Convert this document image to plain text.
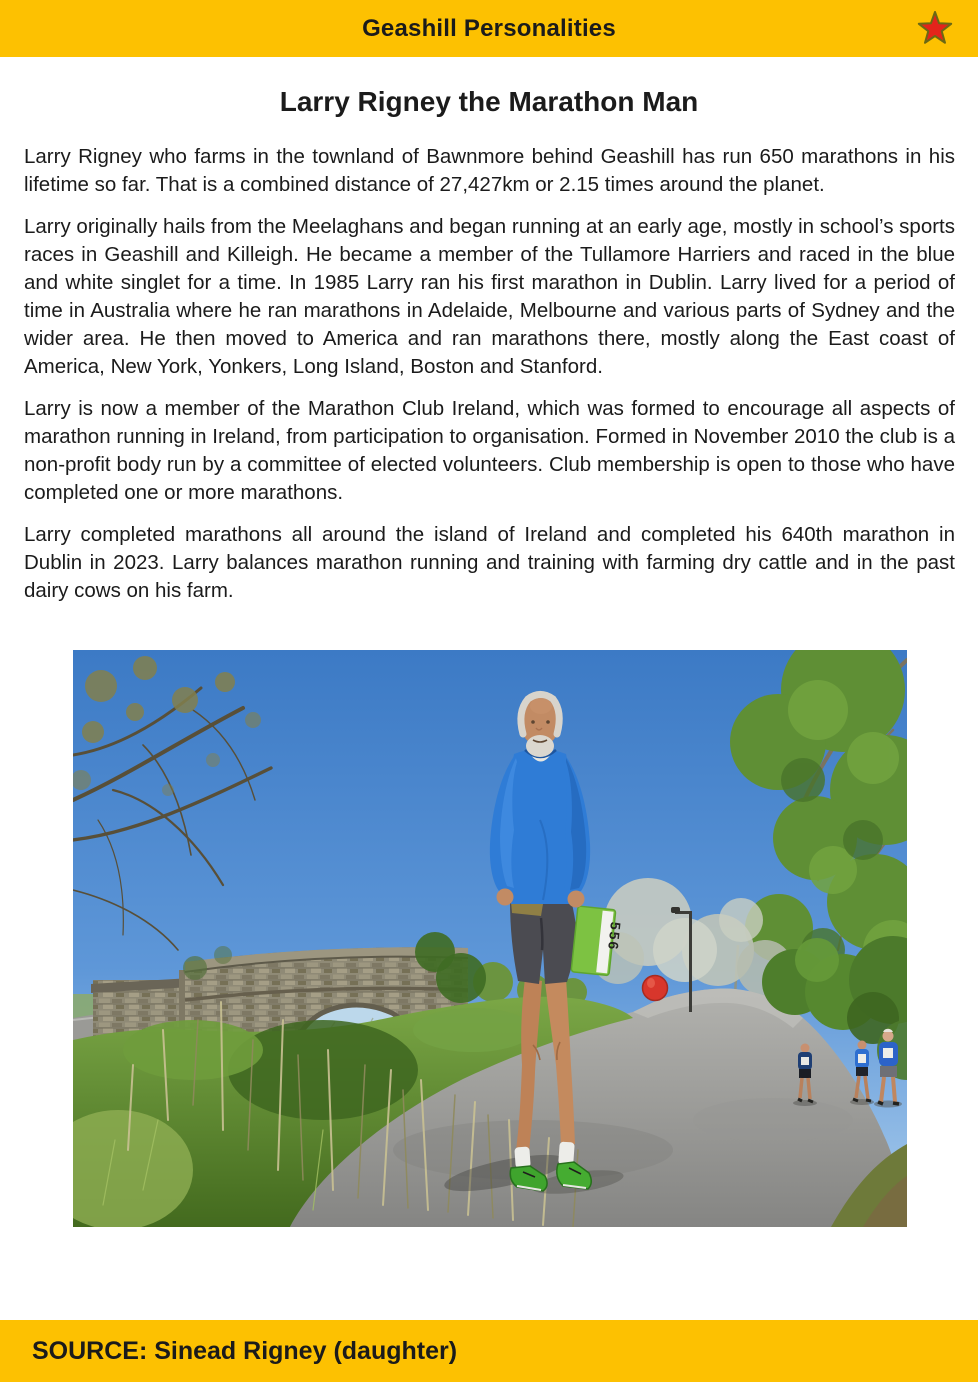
Geashill Personalities
Larry Rigney the Marathon Man

Larry Rigney who farms in the townland of Bawnmore behind Geashill has run 650 marathons in his lifetime so far. That is a combined distance of 27,427km or 2.15 times around the planet.

Larry originally hails from the Meelaghans and began running at an early age, mostly in school’s sports races in Geashill and Killeigh. He became a member of the Tullamore Harriers and raced in the blue and white singlet for a time. In 1985 Larry ran his first marathon in Dublin. Larry lived for a period of time in Australia where he ran marathons in Adelaide, Melbourne and various parts of Sydney and the wider area. He then moved to America and ran marathons there, mostly along the East coast of America, New York, Yonkers, Long Island, Boston and Stanford.

Larry is now a member of the Marathon Club Ireland, which was formed to encourage all aspects of marathon running in Ireland, from participation to organisation. Formed in November 2010 the club is a non-profit body run by a committee of elected volunteers. Club membership is open to those who have completed one or more marathons.

Larry completed marathons all around the island of Ireland and completed his 640th marathon in Dublin in 2023. Larry balances marathon running and training with farming dry cattle and in the past dairy cows on his farm.

556
SOURCE: Sinead Rigney (daughter)
